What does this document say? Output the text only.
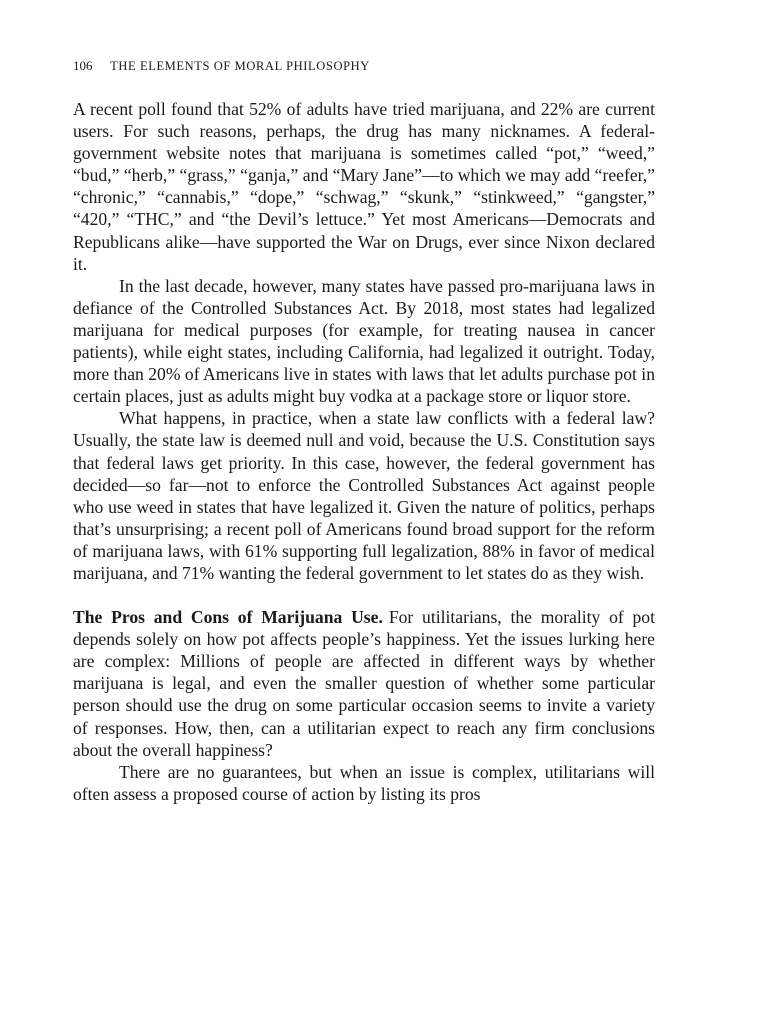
106 THE ELEMENTS OF MORAL PHILOSOPHY

A recent poll found that 52% of adults have tried marijuana, and 22% are current users. For such reasons, perhaps, the drug has many nicknames. A federal-government website notes that marijuana is sometimes called “pot,” “weed,” “bud,” “herb,” “grass,” “ganja,” and “Mary Jane”—to which we may add “reefer,” “chronic,” “cannabis,” “dope,” “schwag,” “skunk,” “stinkweed,” “gangster,” “420,” “THC,” and “the Devil’s lettuce.” Yet most Americans—Democrats and Republicans alike—have supported the War on Drugs, ever since Nixon declared it.

In the last decade, however, many states have passed pro-marijuana laws in defiance of the Controlled Substances Act. By 2018, most states had legalized marijuana for medical purposes (for example, for treating nausea in cancer patients), while eight states, including California, had legalized it outright. Today, more than 20% of Americans live in states with laws that let adults purchase pot in certain places, just as adults might buy vodka at a package store or liquor store.

What happens, in practice, when a state law conflicts with a federal law? Usually, the state law is deemed null and void, because the U.S. Constitution says that federal laws get priority. In this case, however, the federal government has decided—so far—not to enforce the Controlled Substances Act against people who use weed in states that have legalized it. Given the nature of politics, perhaps that’s unsurprising; a recent poll of Americans found broad support for the reform of marijuana laws, with 61% supporting full legalization, 88% in favor of medical marijuana, and 71% wanting the federal government to let states do as they wish.

The Pros and Cons of Marijuana Use. For utilitarians, the morality of pot depends solely on how pot affects people’s happiness. Yet the issues lurking here are complex: Millions of people are affected in different ways by whether marijuana is legal, and even the smaller question of whether some particular person should use the drug on some particular occasion seems to invite a variety of responses. How, then, can a utilitarian expect to reach any firm conclusions about the overall happiness?

There are no guarantees, but when an issue is complex, utilitarians will often assess a proposed course of action by listing its pros
